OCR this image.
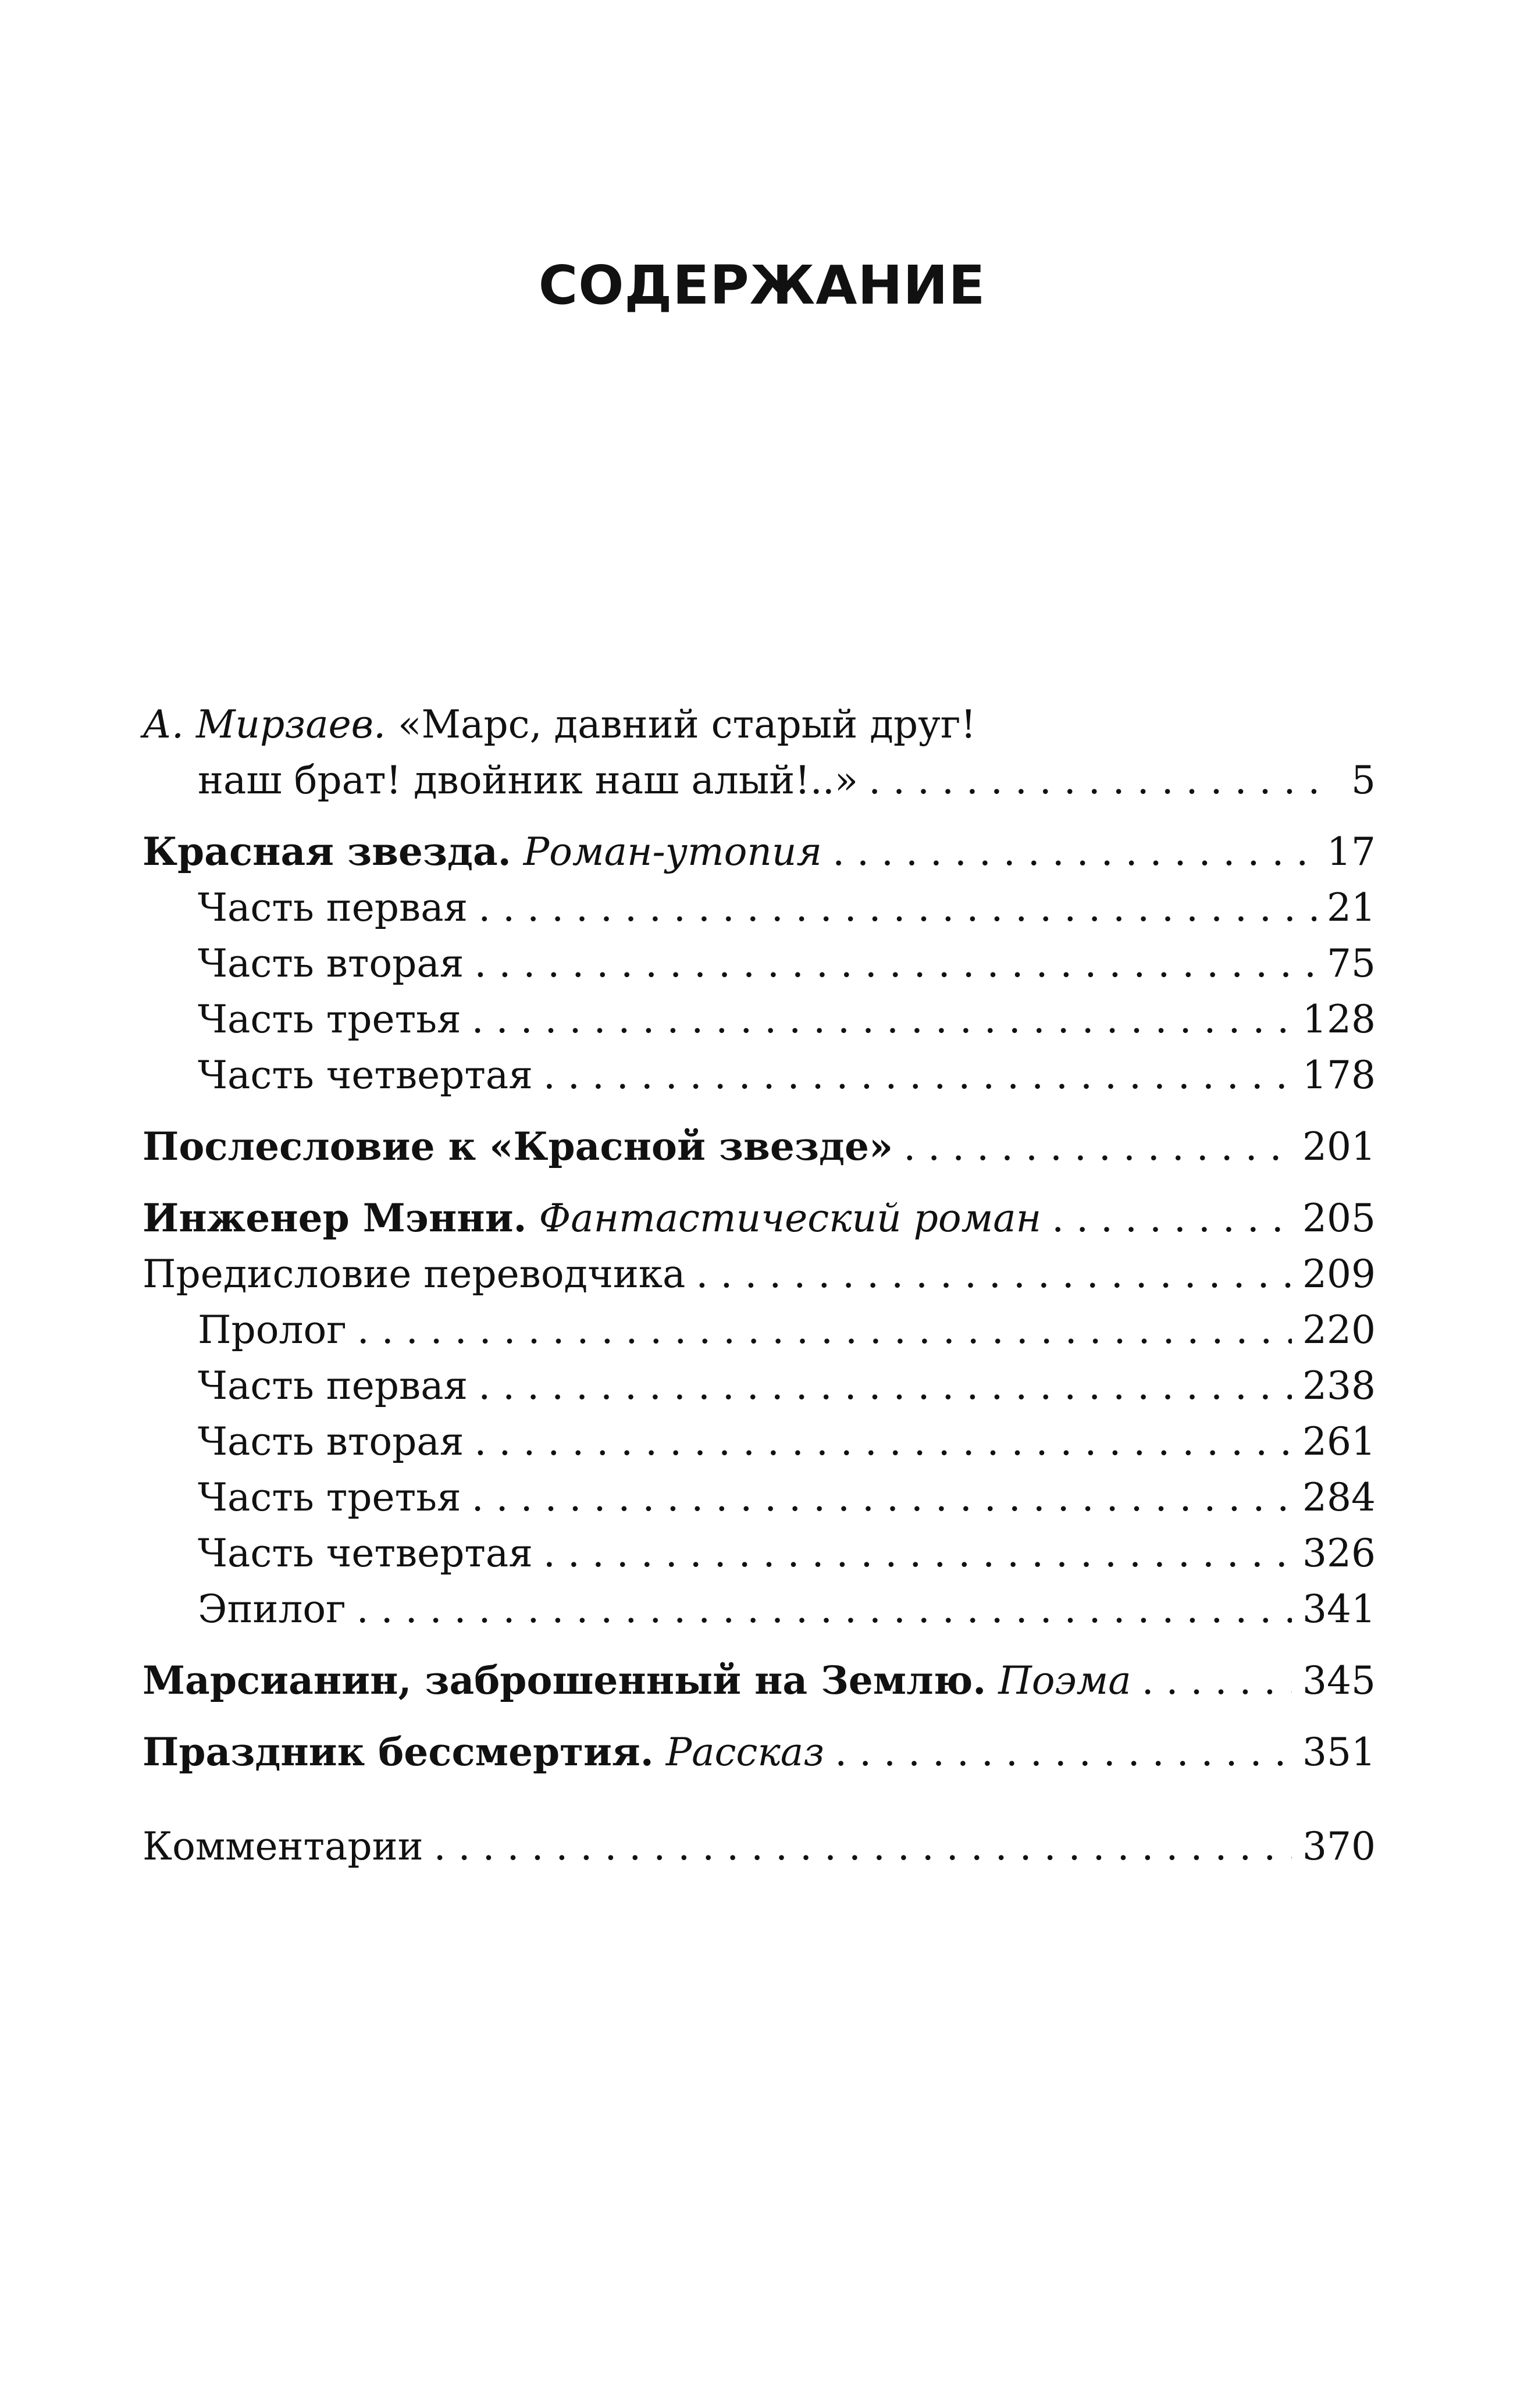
СОДЕРЖАНИЕ
А. Мирзаев. «Марс, давний старый друг!
наш брат! двойник наш алый!..» . . .	5
Красная звезда. Роман-утопия . . .	17
Часть первая . . .	21
Часть вторая . . .	75
Часть третья . . .	128
Часть четвертая . . .	178
Послесловие к «Красной звезде» . . .	201
Инженер Мэнни. Фантастический роман . . .	205
Предисловие переводчика . . .	209
Пролог . . .	220
Часть первая . . .	238
Часть вторая . . .	261
Часть третья . . .	284
Часть четвертая . . .	326
Эпилог . . .	341
Марсианин, заброшенный на Землю. Поэма . . .	345
Праздник бессмертия. Рассказ . . .	351
Комментарии . . .	370
